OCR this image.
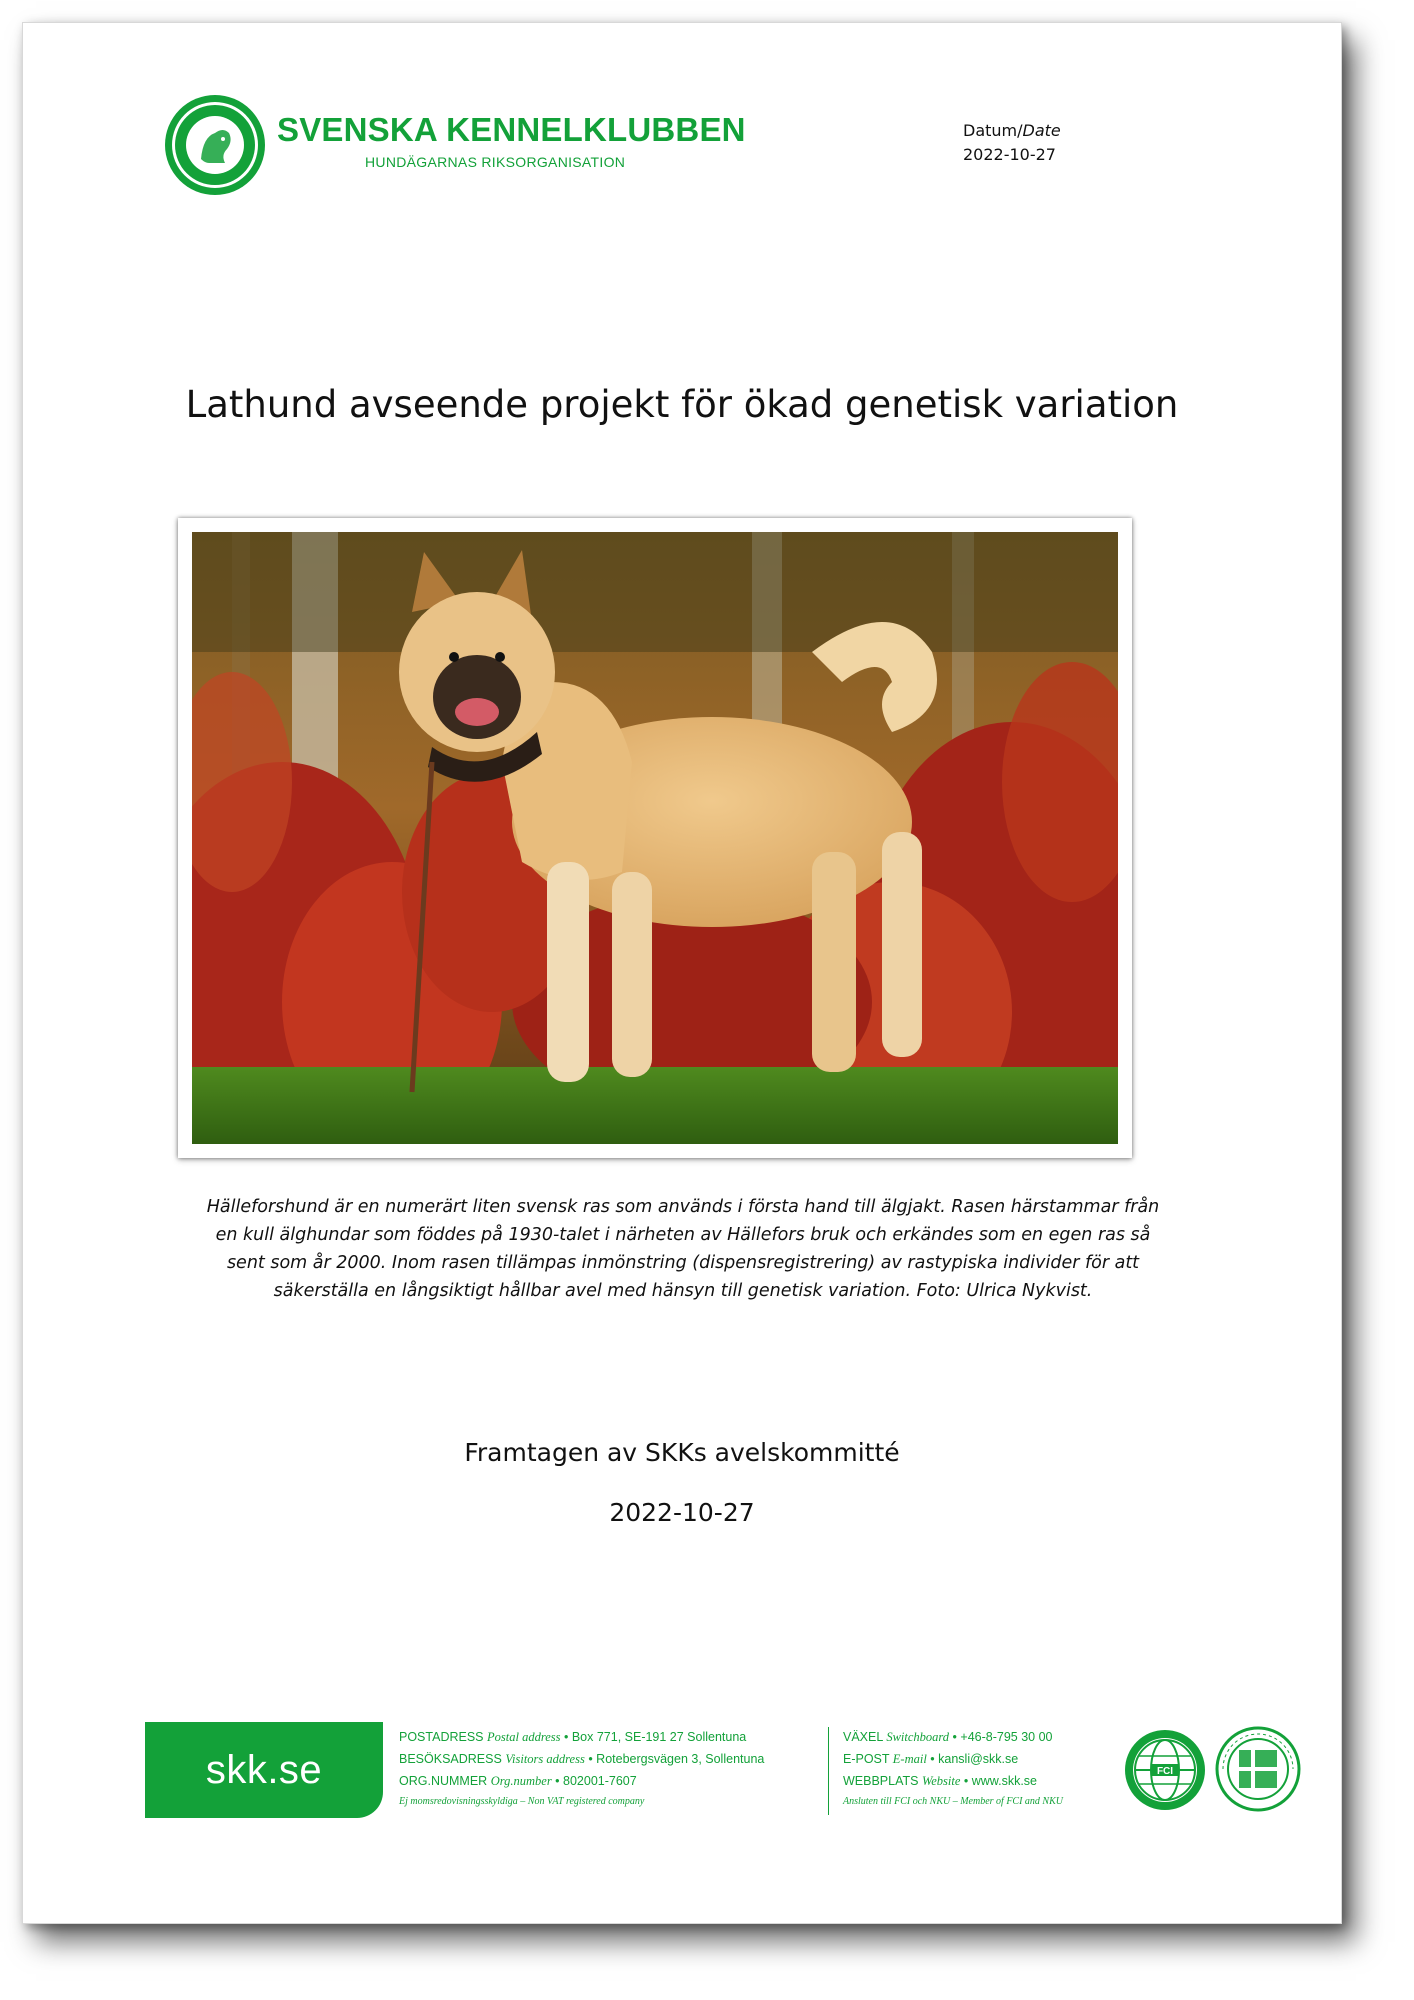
SVENSKA KENNELKLUBBEN
HUNDÄGARNAS RIKSORGANISATION
Datum/Date
2022-10-27
Lathund avseende projekt för ökad genetisk variation
Hälleforshund är en numerärt liten svensk ras som används i första hand till älgjakt. Rasen härstammar från
en kull älghundar som föddes på 1930-talet i närheten av Hällefors bruk och erkändes som en egen ras så
sent som år 2000. Inom rasen tillämpas inmönstring (dispensregistrering) av rastypiska individer för att
säkerställa en långsiktigt hållbar avel med hänsyn till genetisk variation. Foto: Ulrica Nykvist.
Framtagen av SKKs avelskommitté
2022-10-27
skk.se
POSTADRESS Postal address • Box 771, SE-191 27 Sollentuna
BESÖKSADRESS Visitors address • Rotebergsvägen 3, Sollentuna
ORG.NUMMER Org.number • 802001-7607
Ej momsredovisningsskyldiga – Non VAT registered company
VÄXEL Switchboard • +46-8-795 30 00
E-POST E-mail • kansli@skk.se
WEBBPLATS Website • www.skk.se
Ansluten till FCI och NKU – Member of FCI and NKU
FCI
